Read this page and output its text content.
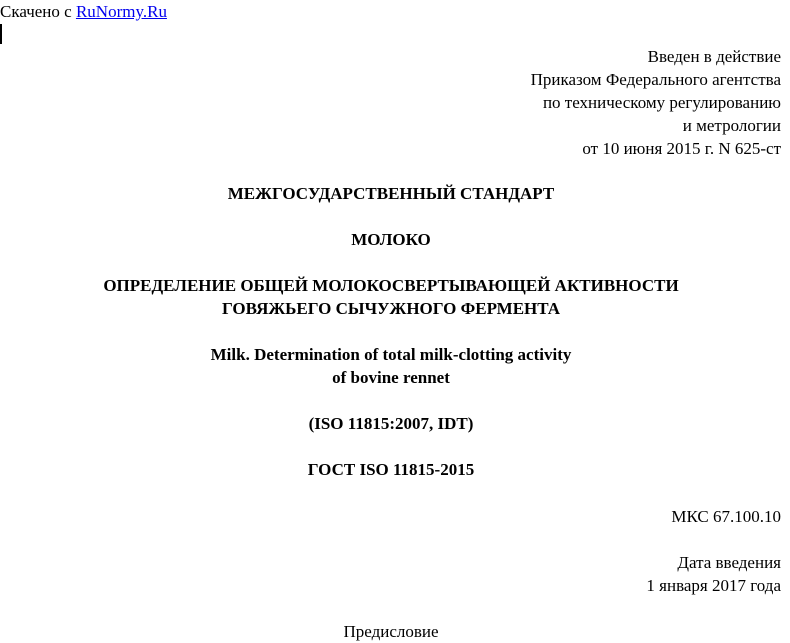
Скачено с RuNormy.Ru
Введен в действие
Приказом Федерального агентства
по техническому регулированию
и метрологии
от 10 июня 2015 г. N 625-ст
МЕЖГОСУДАРСТВЕННЫЙ СТАНДАРТ
МОЛОКО
ОПРЕДЕЛЕНИЕ ОБЩЕЙ МОЛОКОСВЕРТЫВАЮЩЕЙ АКТИВНОСТИ
ГОВЯЖЬЕГО СЫЧУЖНОГО ФЕРМЕНТА
Milk. Determination of total milk-clotting activity
of bovine rennet
(ISO 11815:2007, IDT)
ГОСТ ISO 11815-2015
МКС 67.100.10
Дата введения
1 января 2017 года
Предисловие
